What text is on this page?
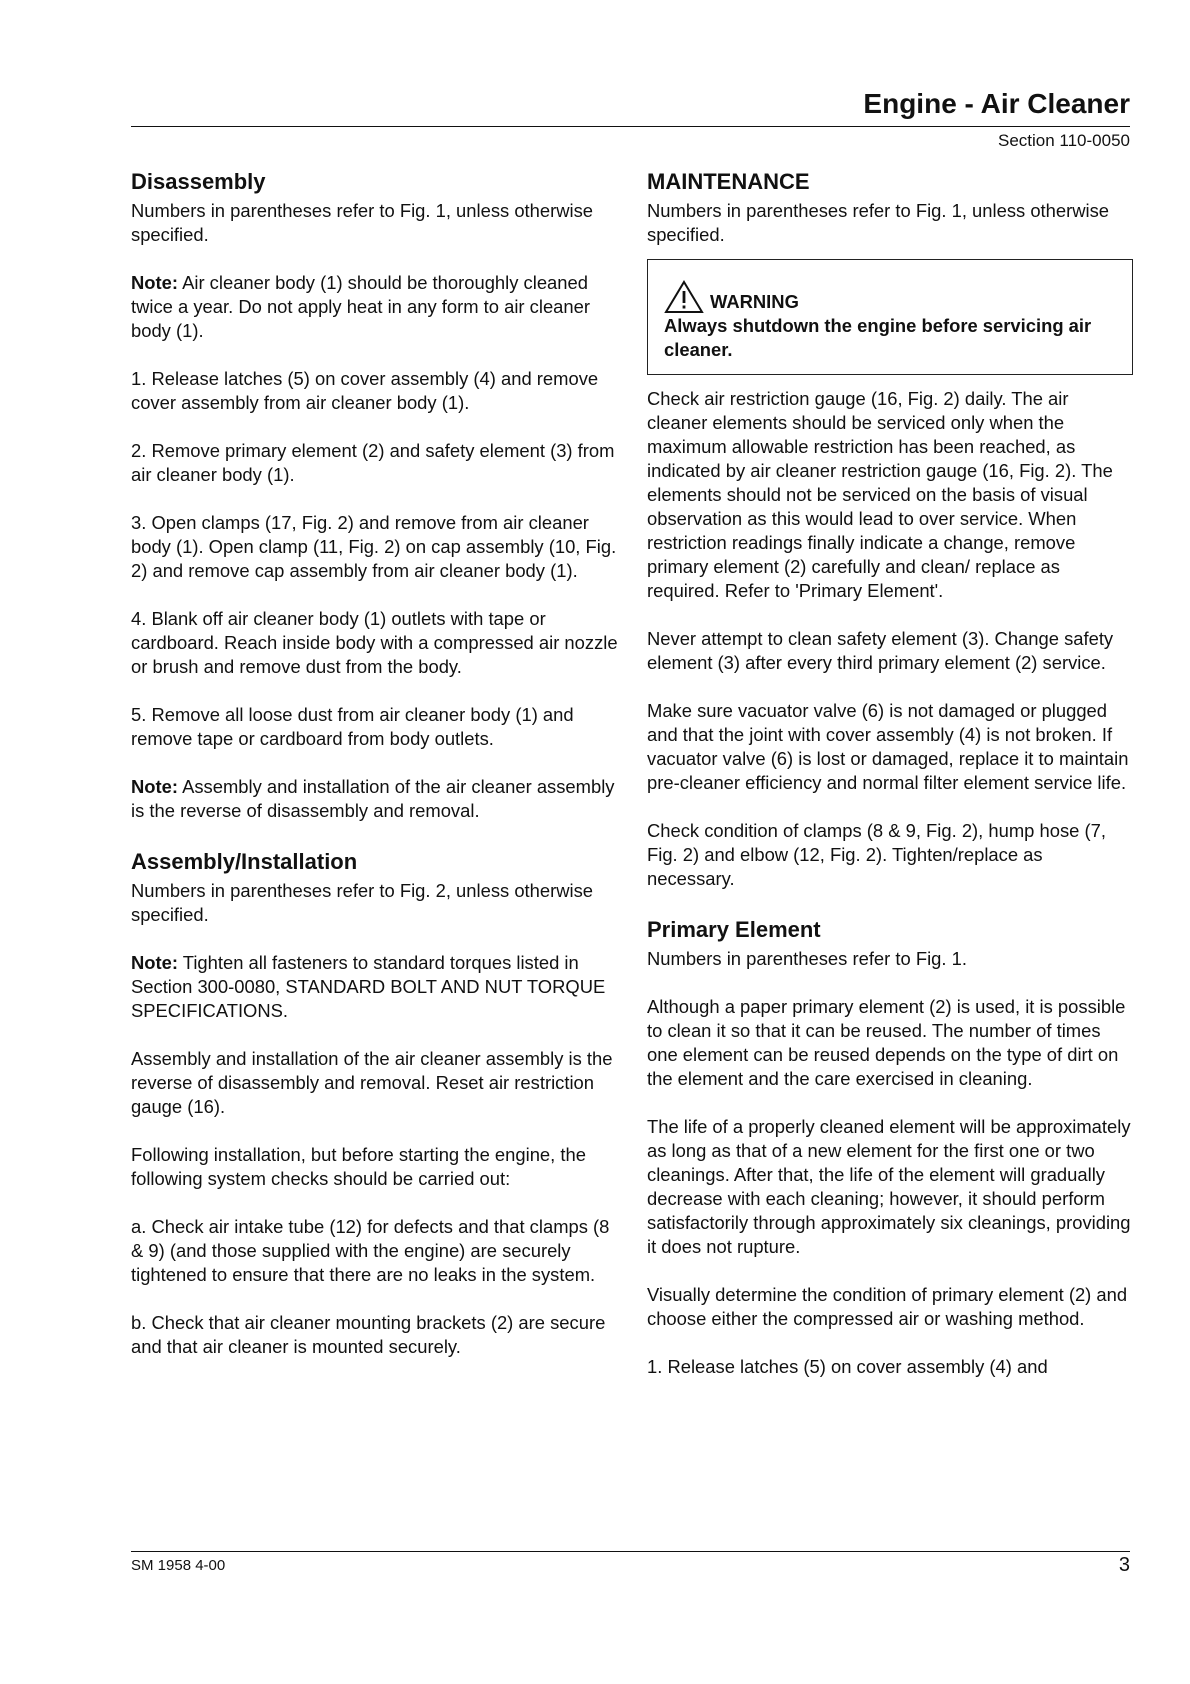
Engine - Air Cleaner
Section 110-0050
Disassembly

Numbers in parentheses refer to Fig. 1, unless otherwise specified.

Note: Air cleaner body (1) should be thoroughly cleaned twice a year. Do not apply heat in any form to air cleaner body (1).

1. Release latches (5) on cover assembly (4) and remove cover assembly from air cleaner body (1).

2. Remove primary element (2) and safety element (3) from air cleaner body (1).

3. Open clamps (17, Fig. 2) and remove from air cleaner body (1). Open clamp (11, Fig. 2) on cap assembly (10, Fig. 2) and remove cap assembly from air cleaner body (1).

4. Blank off air cleaner body (1) outlets with tape or cardboard. Reach inside body with a compressed air nozzle or brush and remove dust from the body.

5. Remove all loose dust from air cleaner body (1) and remove tape or cardboard from body outlets.

Note: Assembly and installation of the air cleaner assembly is the reverse of disassembly and removal.

Assembly/Installation

Numbers in parentheses refer to Fig. 2, unless otherwise specified.

Note: Tighten all fasteners to standard torques listed in Section 300-0080, STANDARD BOLT AND NUT TORQUE SPECIFICATIONS.

Assembly and installation of the air cleaner assembly is the reverse of disassembly and removal. Reset air restriction gauge (16).

Following installation, but before starting the engine, the following system checks should be carried out:

a. Check air intake tube (12) for defects and that clamps (8 & 9) (and those supplied with the engine) are securely tightened to ensure that there are no leaks in the system.

b. Check that air cleaner mounting brackets (2) are secure and that air cleaner is mounted securely.

MAINTENANCE

Numbers in parentheses refer to Fig. 1, unless otherwise specified.

WARNING
Always shutdown the engine before servicing air cleaner.

Check air restriction gauge (16, Fig. 2) daily. The air cleaner elements should be serviced only when the maximum allowable restriction has been reached, as indicated by air cleaner restriction gauge (16, Fig. 2). The elements should not be serviced on the basis of visual observation as this would lead to over service. When restriction readings finally indicate a change, remove primary element (2) carefully and clean/ replace as required. Refer to 'Primary Element'.

Never attempt to clean safety element (3). Change safety element (3) after every third primary element (2) service.

Make sure vacuator valve (6) is not damaged or plugged and that the joint with cover assembly (4) is not broken. If vacuator valve (6) is lost or damaged, replace it to maintain pre-cleaner efficiency and normal filter element service life.

Check condition of clamps (8 & 9, Fig. 2), hump hose (7, Fig. 2) and elbow (12, Fig. 2). Tighten/replace as necessary.

Primary Element

Numbers in parentheses refer to Fig. 1.

Although a paper primary element (2) is used, it is possible to clean it so that it can be reused. The number of times one element can be reused depends on the type of dirt on the element and the care exercised in cleaning.

The life of a properly cleaned element will be approximately as long as that of a new element for the first one or two cleanings. After that, the life of the element will gradually decrease with each cleaning; however, it should perform satisfactorily through approximately six cleanings, providing it does not rupture.

Visually determine the condition of primary element (2) and choose either the compressed air or washing method.

1. Release latches (5) on cover assembly (4) and

SM 1958 4-00	3
